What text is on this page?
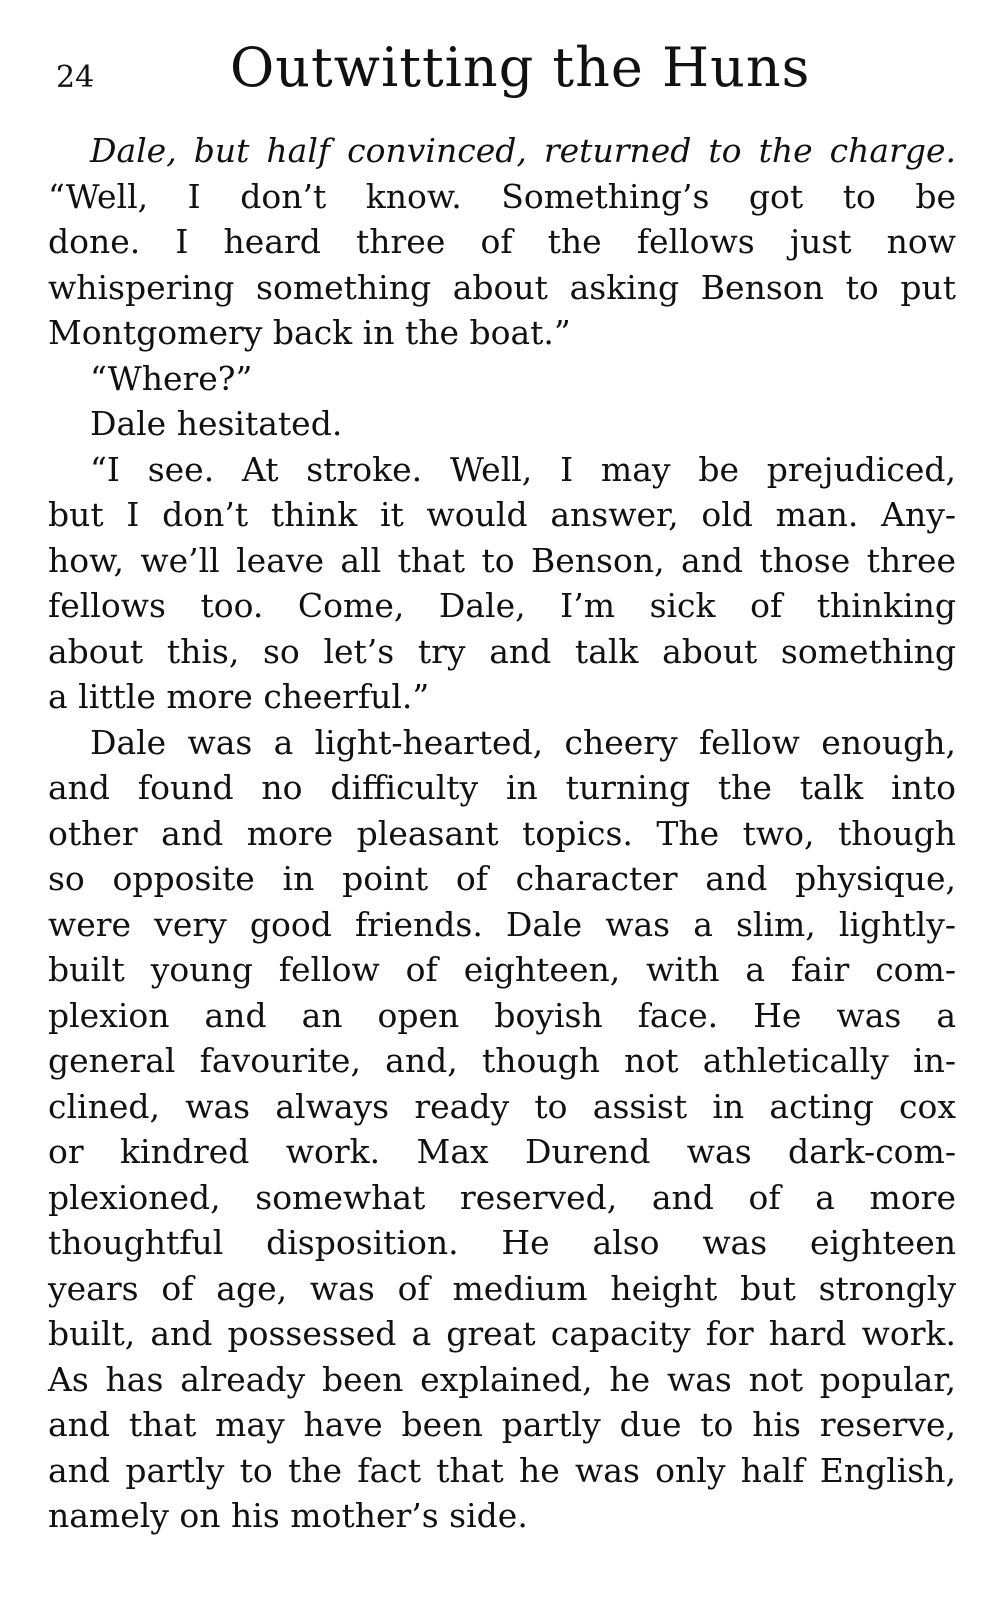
24	Outwitting the Huns
Dale, but half convinced, returned to the charge.
“Well, I don’t know. Something’s got to be
done. I heard three of the fellows just now
whispering something about asking Benson to put
Montgomery back in the boat.”
“Where?”
Dale hesitated.
“I see. At stroke. Well, I may be prejudiced,
but I don’t think it would answer, old man. Any-
how, we’ll leave all that to Benson, and those three
fellows too. Come, Dale, I’m sick of thinking
about this, so let’s try and talk about something
a little more cheerful.”
Dale was a light-hearted, cheery fellow enough,
and found no difficulty in turning the talk into
other and more pleasant topics. The two, though
so opposite in point of character and physique,
were very good friends. Dale was a slim, lightly-
built young fellow of eighteen, with a fair com-
plexion and an open boyish face. He was a
general favourite, and, though not athletically in-
clined, was always ready to assist in acting cox
or kindred work. Max Durend was dark-com-
plexioned, somewhat reserved, and of a more
thoughtful disposition. He also was eighteen
years of age, was of medium height but strongly
built, and possessed a great capacity for hard work.
As has already been explained, he was not popular,
and that may have been partly due to his reserve,
and partly to the fact that he was only half English,
namely on his mother’s side.
